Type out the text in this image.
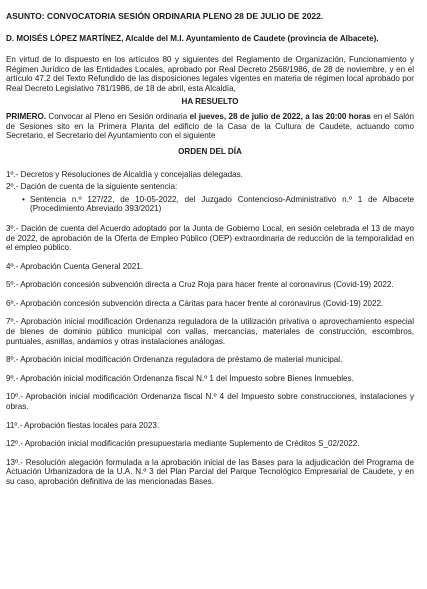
ASUNTO: CONVOCATORIA SESIÓN ORDINARIA PLENO 28 DE JULIO DE 2022.

D. MOISÉS LÓPEZ MARTÍNEZ, Alcalde del M.I. Ayuntamiento de Caudete (provincia de Albacete).

En virtud de lo dispuesto en los artículos 80 y siguientes del Reglamento de Organización, Funcionamiento y Régimen Jurídico de las Entidades Locales, aprobado por Real Decreto 2568/1986, de 28 de noviembre, y en el artículo 47.2 del Texto Refundido de las disposiciones legales vigentes en materia de régimen local aprobado por Real Decreto Legislativo 781/1986, de 18 de abril, esta Alcaldía,

HA RESUELTO

PRIMERO. Convocar al Pleno en Sesión ordinaria el jueves, 28 de julio de 2022, a las 20:00 horas en el Salón de Sesiones sito en la Primera Planta del edificio de la Casa de la Cultura de Caudete, actuando como Secretario, el Secretario del Ayuntamiento con el siguiente

ORDEN DEL DÍA

1º.- Decretos y Resoluciones de Alcaldía y concejalías delegadas.

2º.- Dación de cuenta de la siguiente sentencia:

• Sentencia n.º 127/22, de 10-05-2022, del Juzgado Contencioso-Administrativo n.º 1 de Albacete (Procedimiento Abreviado 393/2021)

3º.- Dación de cuenta del Acuerdo adoptado por la Junta de Gobierno Local, en sesión celebrada el 13 de mayo de 2022, de aprobación de la Oferta de Empleo Público (OEP) extraordinaria de reducción de la temporalidad en el empleo público.

4º.- Aprobación Cuenta General 2021.

5º.- Aprobación concesión subvención directa a Cruz Roja para hacer frente al coronavirus (Covid-19) 2022.

6º.- Aprobación concesión subvención directa a Cáritas para hacer frente al coronavirus (Covid-19) 2022.

7º.- Aprobación inicial modificación Ordenanza reguladora de la utilización privativa o aprovechamiento especial de bienes de dominio público municipal con vallas, mercancías, materiales de construcción, escombros, puntuales, asnillas, andamios y otras instalaciones análogas.

8º.- Aprobación inicial modificación Ordenanza reguladora de préstamo de material municipal.

9º.- Aprobación inicial modificación Ordenanza fiscal N.º 1 del Impuesto sobre Bienes Inmuebles.

10º.- Aprobación inicial modificación Ordenanza fiscal N.º 4 del Impuesto sobre construcciones, instalaciones y obras.

11º.- Aprobación fiestas locales para 2023.

12º.- Aprobación inicial modificación presupuestaria mediante Suplemento de Créditos S_02/2022.

13º.- Resolución alegación formulada a la aprobación inicial de las Bases para la adjudicación del Programa de Actuación Urbanizadora de la U.A. N.º 3 del Plan Parcial del Parque Tecnológico Empresarial de Caudete, y en su caso, aprobación definitiva de las mencionadas Bases.
